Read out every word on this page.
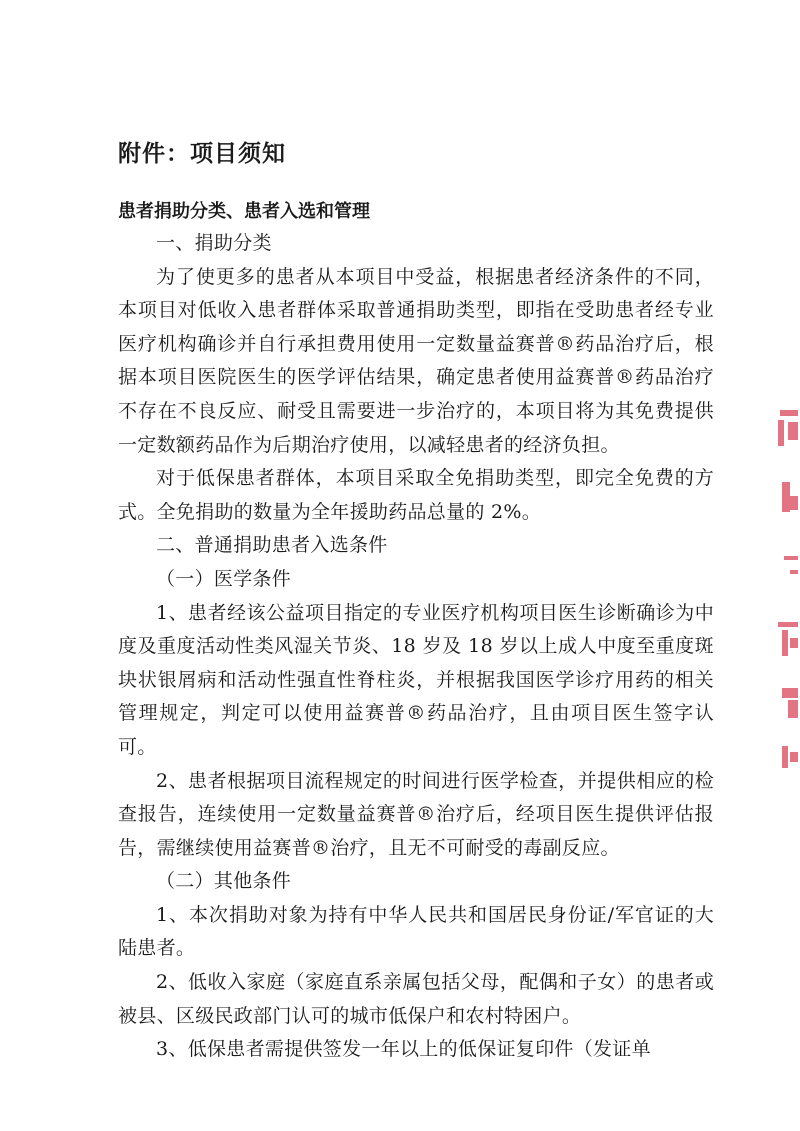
附件：项目须知
患者捐助分类、患者入选和管理

一、捐助分类

为了使更多的患者从本项目中受益，根据患者经济条件的不同，本项目对低收入患者群体采取普通捐助类型，即指在受助患者经专业医疗机构确诊并自行承担费用使用一定数量益赛普®药品治疗后，根据本项目医院医生的医学评估结果，确定患者使用益赛普®药品治疗不存在不良反应、耐受且需要进一步治疗的，本项目将为其免费提供一定数额药品作为后期治疗使用，以减轻患者的经济负担。

对于低保患者群体，本项目采取全免捐助类型，即完全免费的方式。全免捐助的数量为全年援助药品总量的 2%。

二、普通捐助患者入选条件

（一）医学条件

1、患者经该公益项目指定的专业医疗机构项目医生诊断确诊为中度及重度活动性类风湿关节炎、18 岁及 18 岁以上成人中度至重度斑块状银屑病和活动性强直性脊柱炎，并根据我国医学诊疗用药的相关管理规定，判定可以使用益赛普®药品治疗，且由项目医生签字认可。

2、患者根据项目流程规定的时间进行医学检查，并提供相应的检查报告，连续使用一定数量益赛普®治疗后，经项目医生提供评估报告，需继续使用益赛普®治疗，且无不可耐受的毒副反应。

（二）其他条件

1、本次捐助对象为持有中华人民共和国居民身份证/军官证的大陆患者。

2、低收入家庭（家庭直系亲属包括父母，配偶和子女）的患者或被县、区级民政部门认可的城市低保户和农村特困户。

3、低保患者需提供签发一年以上的低保证复印件（发证单
